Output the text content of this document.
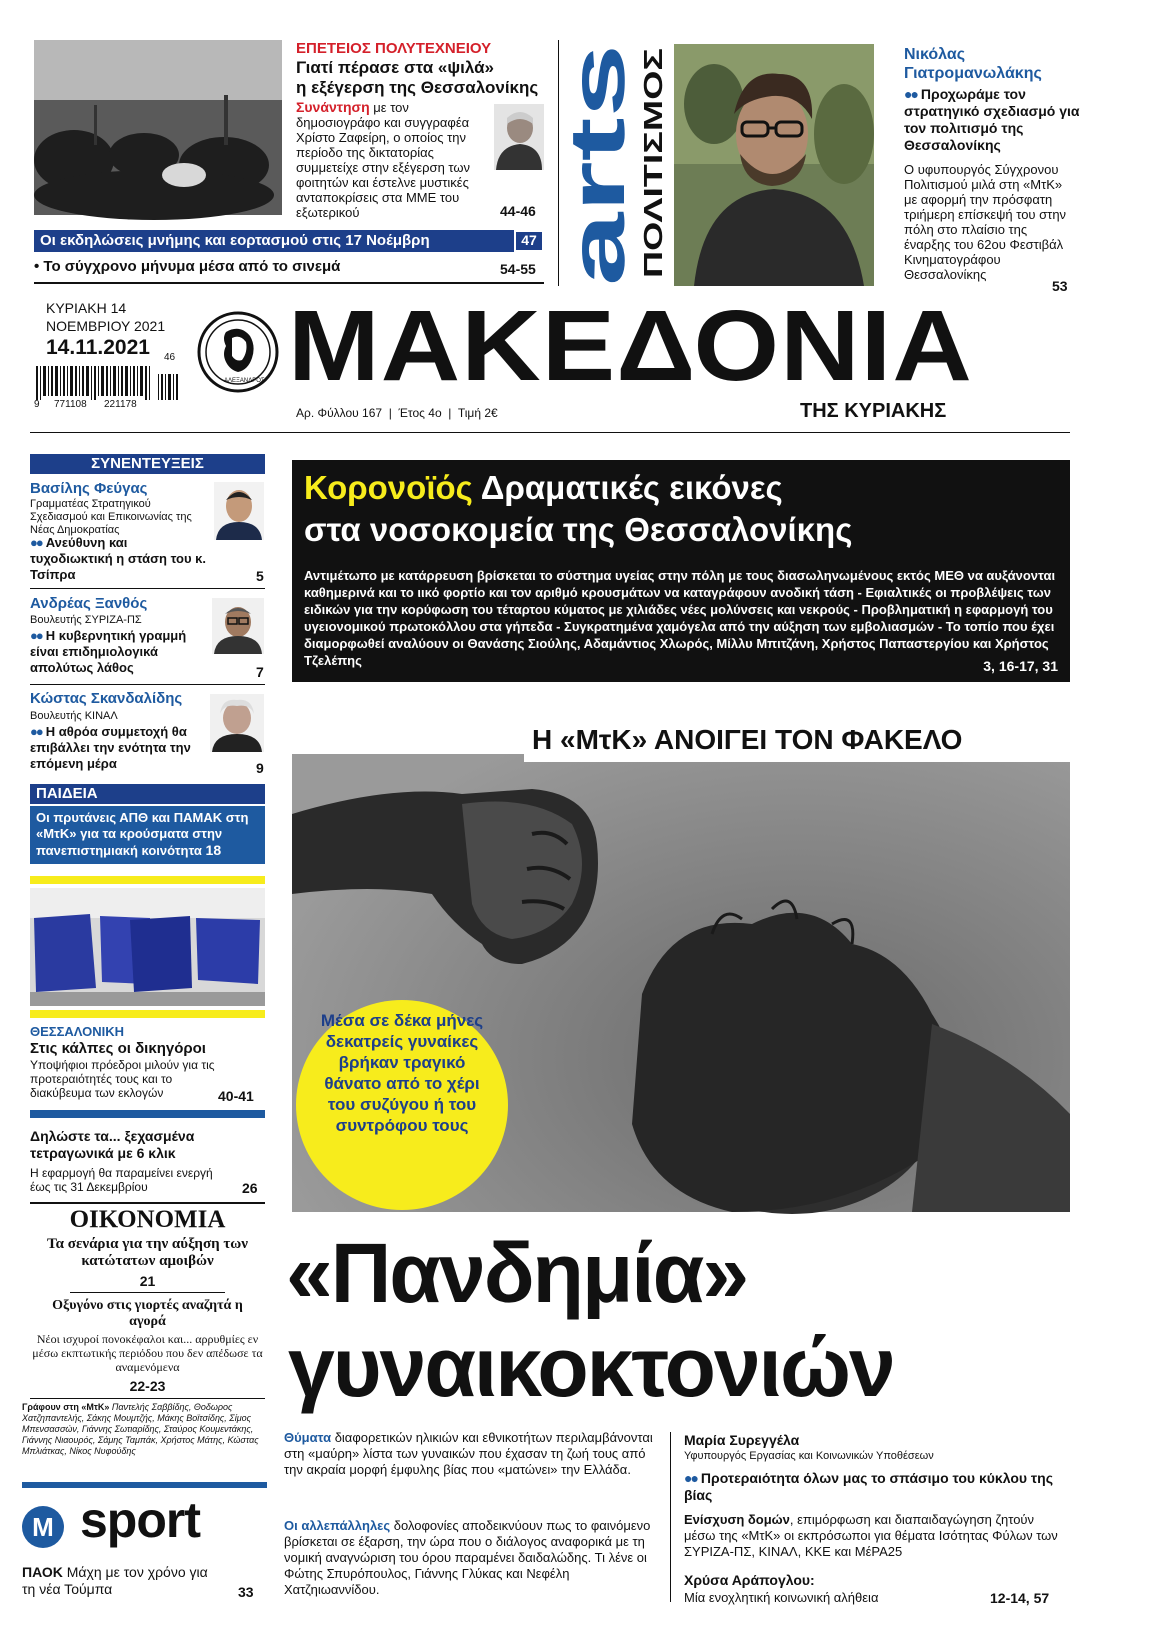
ΕΠΕΤΕΙΟΣ ΠΟΛΥΤΕΧΝΕΙΟΥ
Γιατί πέρασε στα «ψιλά»
η εξέγερση της Θεσσαλονίκης
Συνάντηση με τον δημοσιογράφο και συγγραφέα Χρίστο Ζαφείρη, ο οποίος την περίοδο της δικτατορίας συμμετείχε στην εξέγερση των φοιτητών και έστελνε μυστικές ανταποκρίσεις στα ΜΜΕ του εξωτερικού	44-46
Οι εκδηλώσεις μνήμης και εορτασμού στις 17 Νοέμβρη	47
• Το σύγχρονο μήνυμα μέσα από το σινεμά	54-55 arts
ΠΟΛΙΤΙΣΜΟΣ
Νικόλας
Γιατρομανωλάκης
●● Προχωράμε τον στρατηγικό σχεδιασμό για τον πολιτισμό της Θεσσαλονίκης
Ο υφυπουργός Σύγχρονου Πολιτισμού μιλά στη «ΜτΚ» με αφορμή την πρόσφατη τριήμερη επίσκεψή του στην πόλη στο πλαίσιο της έναρξης του 62ου Φεστιβάλ Κινηματογράφου Θεσσαλονίκης
53
ΚΥΡΙΑΚΗ 14
ΝΟΕΜΒΡΙΟΥ 2021
14.11.2021 46
9 771108 221178
ΑΛΕΞΑΝΔΡΟΣ ΜΑΚΕΔΟΝΙΑ
Αρ. Φύλλου 167  |  Έτος 4ο  |  Τιμή 2€	ΤΗΣ ΚΥΡΙΑΚΗΣ
ΣΥΝΕΝΤΕΥΞΕΙΣ
Βασίλης Φεύγας
Γραμματέας Στρατηγικού Σχεδιασμού και Επικοινωνίας της Νέας Δημοκρατίας
●● Ανεύθυνη και τυχοδιωκτική η στάση του κ. Τσίπρα	5
Ανδρέας Ξανθός
Βουλευτής ΣΥΡΙΖΑ-ΠΣ
●● Η κυβερνητική γραμμή είναι επιδημιολογικά απολύτως λάθος	7
Κώστας Σκανδαλίδης
Βουλευτής ΚΙΝΑΛ
●● Η αθρόα συμμετοχή θα επιβάλλει την ενότητα την επόμενη μέρα	9
ΠΑΙΔΕΙΑ
Οι πρυτάνεις ΑΠΘ και ΠΑΜΑΚ στη «ΜτΚ» για τα κρούσματα στην πανεπιστημιακή κοινότητα 18
ΘΕΣΣΑΛΟΝΙΚΗ
Στις κάλπες οι δικηγόροι
Υποψήφιοι πρόεδροι μιλούν για τις προτεραιότητές τους και το διακύβευμα των εκλογών	40-41
Δηλώστε τα... ξεχασμένα τετραγωνικά με 6 κλικ
Η εφαρμογή θα παραμείνει ενεργή έως τις 31 Δεκεμβρίου	26
ΟΙΚΟΝΟΜΙΑ
Τα σενάρια για την αύξηση των κατώτατων αμοιβών
21
Οξυγόνο στις γιορτές αναζητά η αγορά
Νέοι ισχυροί πονοκέφαλοι και... αρρυθμίες εν μέσω εκπτωτικής περιόδου που δεν απέδωσε τα αναμενόμενα
22-23
Γράφουν στη «ΜτΚ» Παντελής Σαββίδης, Θοδωρος Χατζηπαντελής, Σάκης Μουμτζής, Μάκης Βοϊτσίδης, Σίμος Μπενσασσών, Γιάννης Σωτιαρίδης, Σταύρος Κουμεντάκης, Γιάννης Νιαουρός, Σάμης Ταμπάκ, Χρήστος Μάτης, Κώστας Μπλιάτκας, Νίκος Νυφούδης
M sport
ΠΑΟΚ Μάχη με τον χρόνο για τη νέα Τούμπα	33
Κορονοϊός Δραματικές εικόνες
στα νοσοκομεία της Θεσσαλονίκης
Αντιμέτωπο με κατάρρευση βρίσκεται το σύστημα υγείας στην πόλη με τους διασωληνωμένους εκτός ΜΕΘ να αυξάνονται καθημερινά και το ιικό φορτίο και τον αριθμό κρουσμάτων να καταγράφουν ανοδική τάση - Εφιαλτικές οι προβλέψεις των ειδικών για την κορύφωση του τέταρτου κύματος με χιλιάδες νέες μολύνσεις και νεκρούς - Προβληματική η εφαρμογή του υγειονομικού πρωτοκόλλου στα γήπεδα - Συγκρατημένα χαμόγελα από την αύξηση των εμβολιασμών - Το τοπίο που έχει διαμορφωθεί αναλύουν οι Θανάσης Σιούλης, Αδαμάντιος Χλωρός, Μίλλυ Μπιτζάνη, Χρήστος Παπαστεργίου και Χρήστος Τζελέπης	3, 16-17, 31
Η «ΜτΚ» ΑΝΟΙΓΕΙ ΤΟΝ ΦΑΚΕΛΟ
Μέσα σε δέκα μήνες δεκατρείς γυναίκες βρήκαν τραγικό θάνατο από το χέρι του συζύγου ή του συντρόφου τους
«Πανδημία»
γυναικοκτονιών
Θύματα διαφορετικών ηλικιών και εθνικοτήτων περιλαμβάνονται στη «μαύρη» λίστα των γυναικών που έχασαν τη ζωή τους από την ακραία μορφή έμφυλης βίας που «ματώνει» την Ελλάδα.
Οι αλλεπάλληλες δολοφονίες αποδεικνύουν πως το φαινόμενο βρίσκεται σε έξαρση, την ώρα που ο διάλογος αναφορικά με τη νομική αναγνώριση του όρου παραμένει δαιδαλώδης. Τι λένε οι Φώτης Σπυρόπουλος, Γιάννης Γλύκας και Νεφέλη Χατζηιωαννίδου.
Μαρία Συρεγγέλα
Υφυπουργός Εργασίας και Κοινωνικών Υποθέσεων
●● Προτεραιότητα όλων μας το σπάσιμο του κύκλου της βίας
Ενίσχυση δομών, επιμόρφωση και διαπαιδαγώγηση ζητούν μέσω της «ΜτΚ» οι εκπρόσωποι για θέματα Ισότητας Φύλων των ΣΥΡΙΖΑ-ΠΣ, ΚΙΝΑΛ, ΚΚΕ και ΜέΡΑ25
Χρύσα Αράπογλου:
Μία ενοχλητική κοινωνική αλήθεια	12-14, 57
